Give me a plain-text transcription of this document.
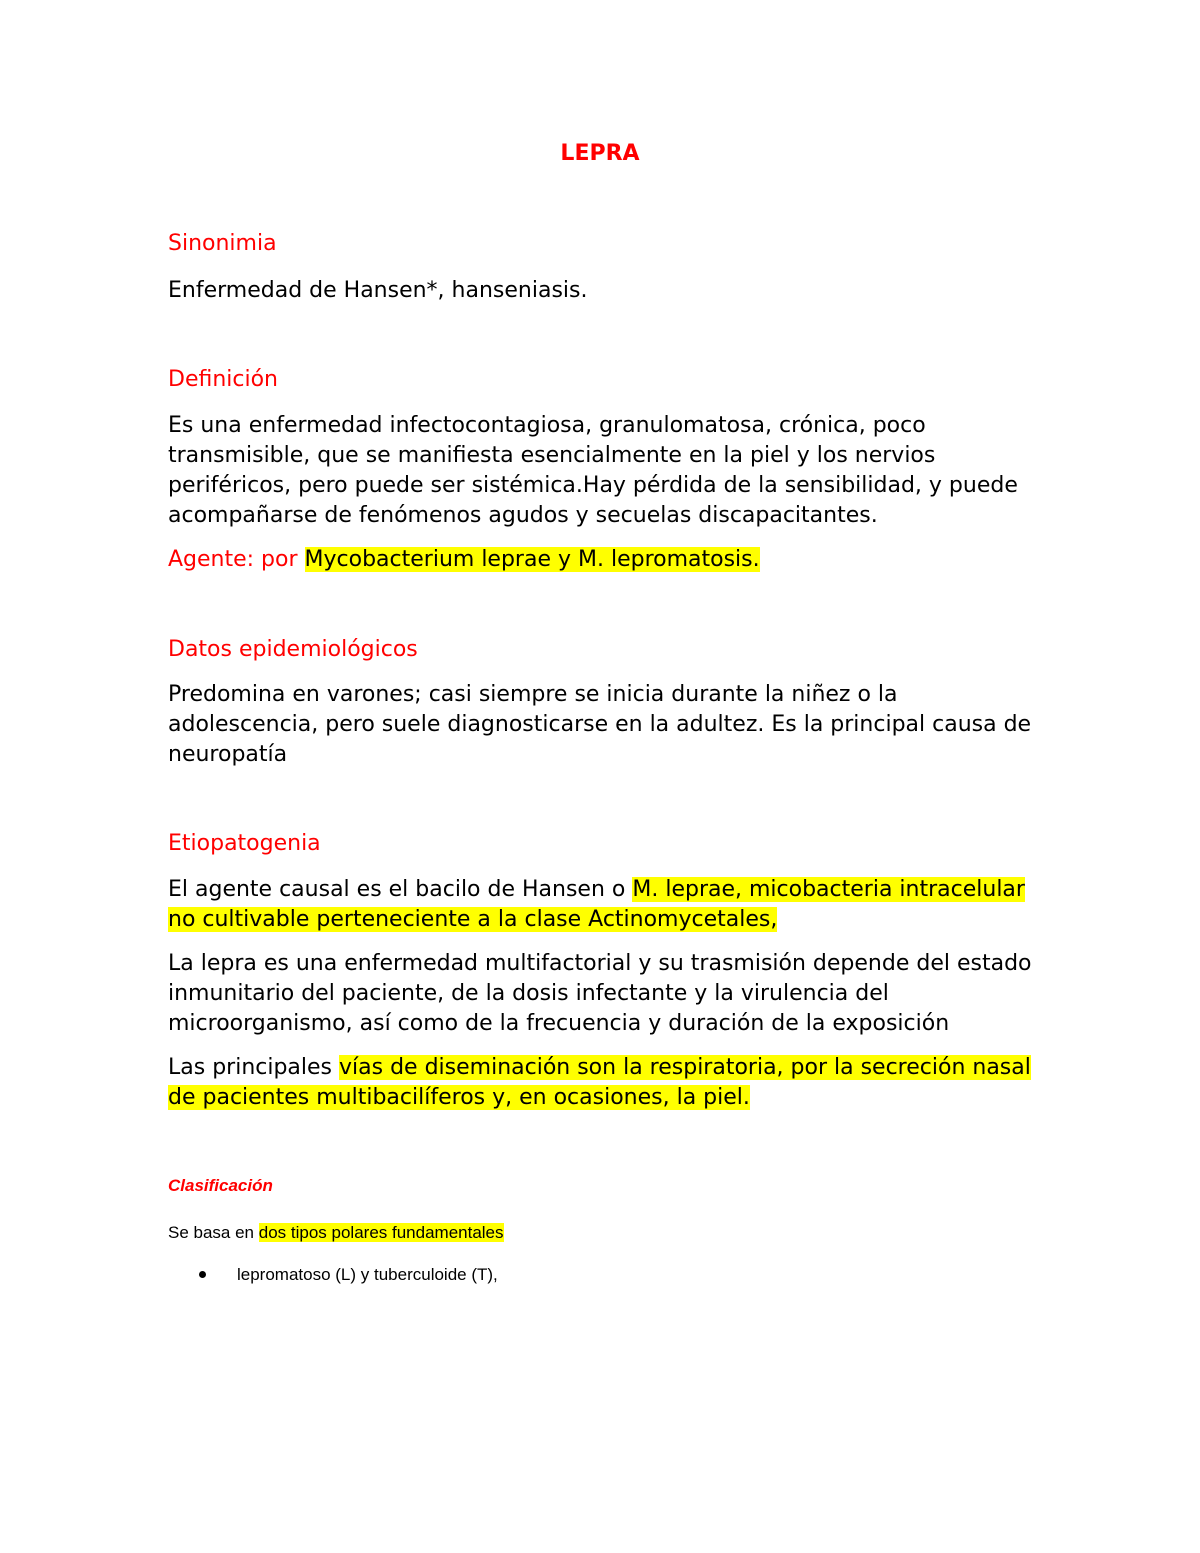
LEPRA
Sinonimia

Enfermedad de Hansen*, hanseniasis.

Definición

Es una enfermedad infectocontagiosa, granulomatosa, crónica, poco transmisible, que se manifiesta esencialmente en la piel y los nervios periféricos, pero puede ser sistémica.Hay pérdida de la sensibilidad, y puede acompañarse de fenómenos agudos y secuelas discapacitantes.

Agente: por Mycobacterium leprae y M. lepromatosis.

Datos epidemiológicos

Predomina en varones; casi siempre se inicia durante la niñez o la adolescencia, pero suele diagnosticarse en la adultez. Es la principal causa de neuropatía

Etiopatogenia

El agente causal es el bacilo de Hansen o M. leprae, micobacteria intracelular no cultivable perteneciente a la clase Actinomycetales,

La lepra es una enfermedad multifactorial y su trasmisión depende del estado inmunitario del paciente, de la dosis infectante y la virulencia del microorganismo, así como de la frecuencia y duración de la exposición

Las principales vías de diseminación son la respiratoria, por la secreción nasal de pacientes multibacilíferos y, en ocasiones, la piel.

Clasificación

Se basa en dos tipos polares fundamentales

lepromatoso (L) y tuberculoide (T),
